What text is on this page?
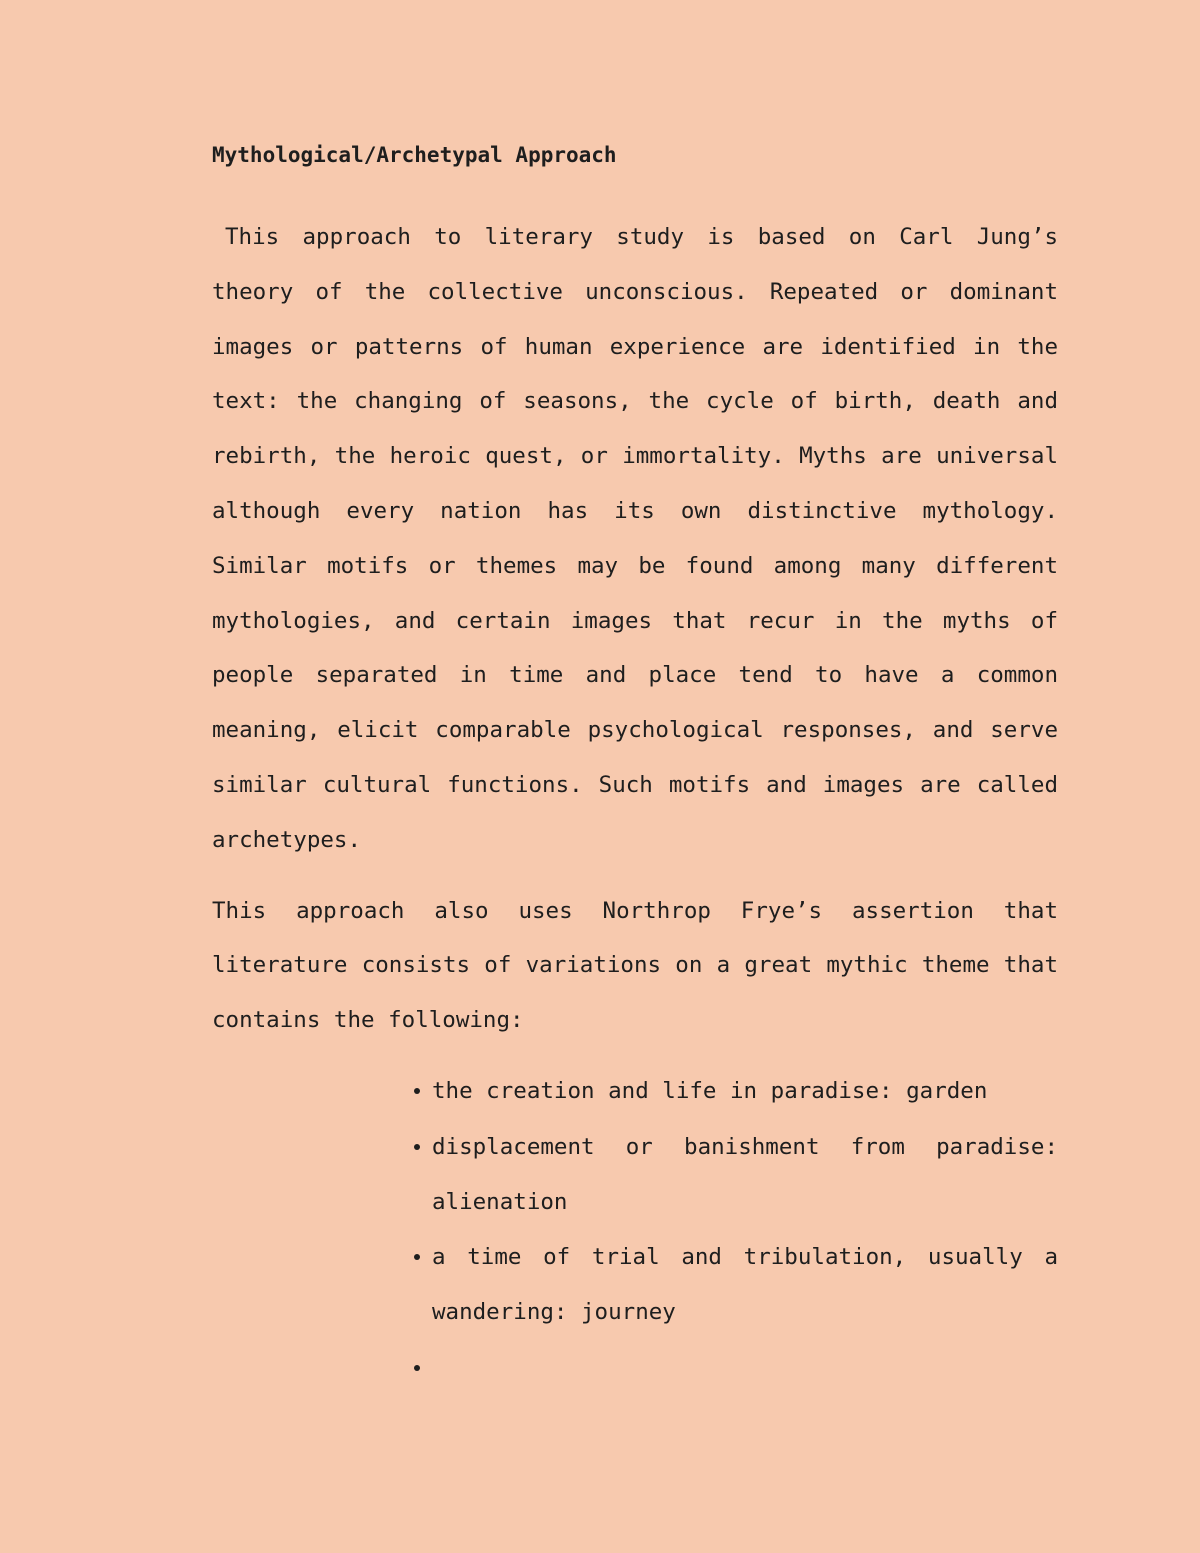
Mythological/Archetypal Approach

This approach to literary study is based on Carl Jung’s theory of the collective unconscious. Repeated or dominant images or patterns of human experience are identified in the text: the changing of seasons, the cycle of birth, death and rebirth, the heroic quest, or immortality. Myths are universal although every nation has its own distinctive mythology. Similar motifs or themes may be found among many different mythologies, and certain images that recur in the myths of people separated in time and place tend to have a common meaning, elicit comparable psychological responses, and serve similar cultural functions. Such motifs and images are called archetypes.

This approach also uses Northrop Frye’s assertion that literature consists of variations on a great mythic theme that contains the following:

the creation and life in paradise: garden
displacement or banishment from paradise: alienation
a time of trial and tribulation, usually a wandering: journey
